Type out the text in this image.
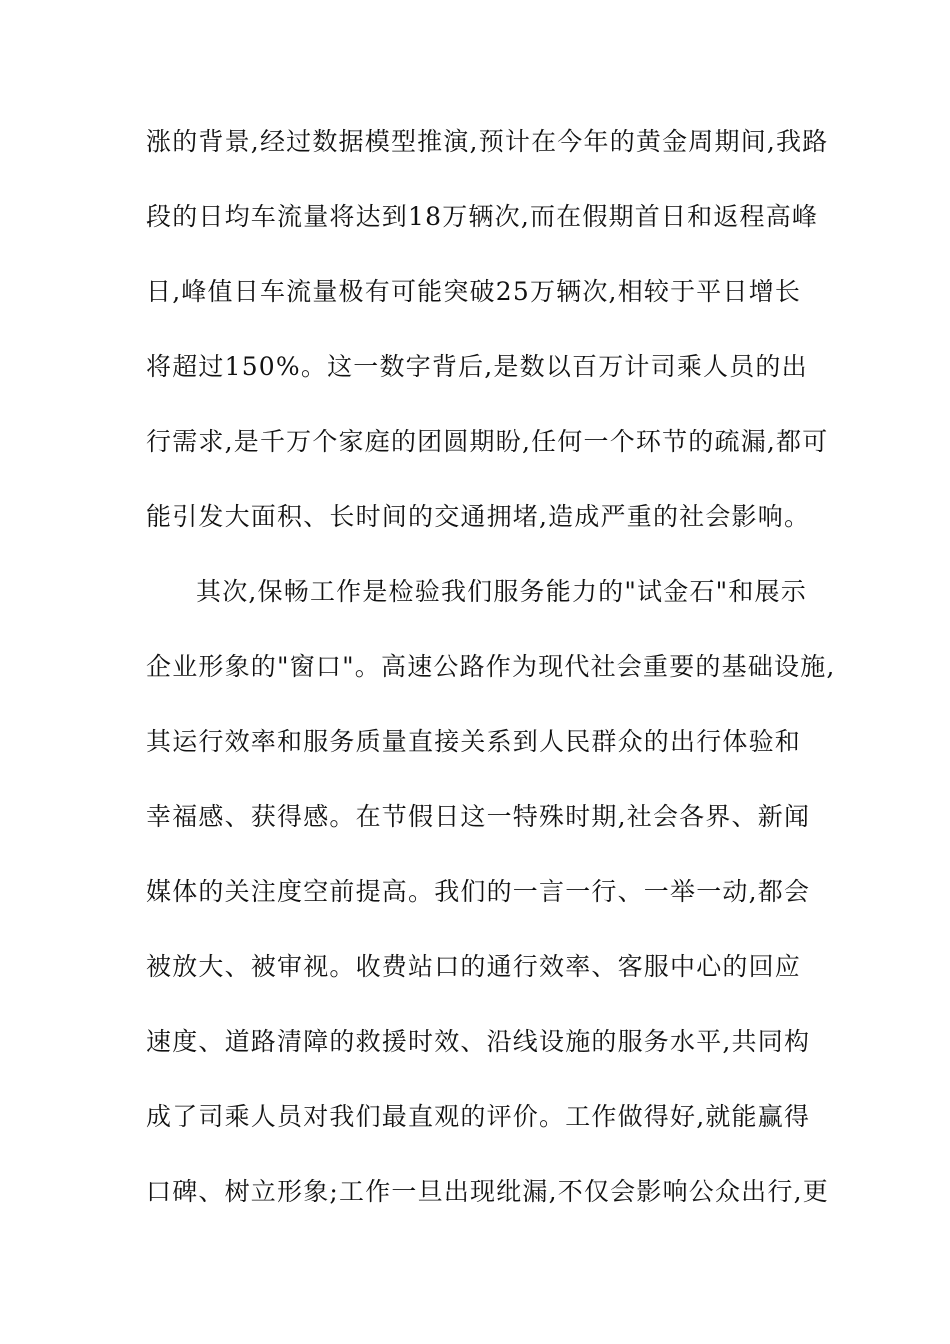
涨的背景,经过数据模型推演,预计在今年的黄金周期间,我路
段的日均车流量将达到18万辆次,而在假期首日和返程高峰
日,峰值日车流量极有可能突破25万辆次,相较于平日增长
将超过150%。这一数字背后,是数以百万计司乘人员的出
行需求,是千万个家庭的团圆期盼,任何一个环节的疏漏,都可
能引发大面积、长时间的交通拥堵,造成严重的社会影响。
其次,保畅工作是检验我们服务能力的"试金石"和展示
企业形象的"窗口"。高速公路作为现代社会重要的基础设施,
其运行效率和服务质量直接关系到人民群众的出行体验和
幸福感、获得感。在节假日这一特殊时期,社会各界、新闻
媒体的关注度空前提高。我们的一言一行、一举一动,都会
被放大、被审视。收费站口的通行效率、客服中心的回应
速度、道路清障的救援时效、沿线设施的服务水平,共同构
成了司乘人员对我们最直观的评价。工作做得好,就能赢得
口碑、树立形象;工作一旦出现纰漏,不仅会影响公众出行,更
